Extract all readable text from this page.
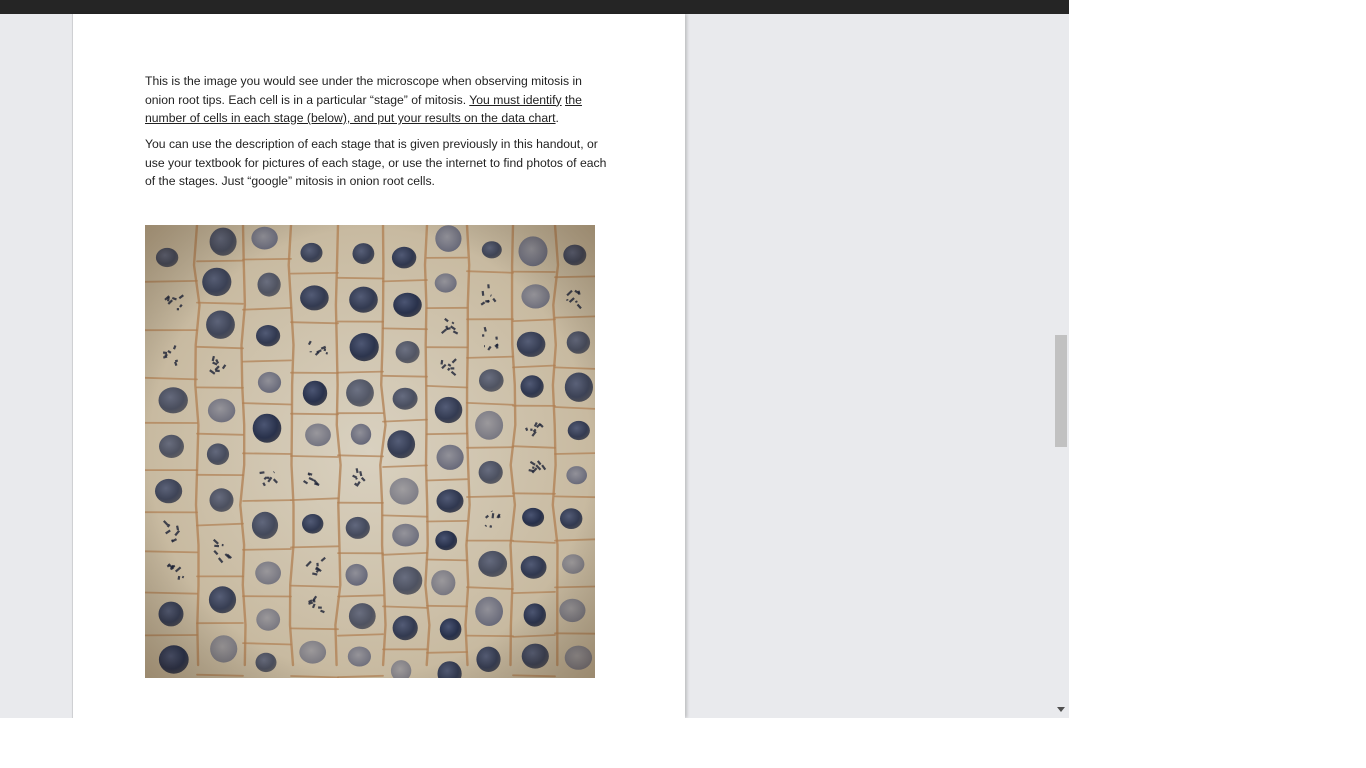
This is the image you would see under the microscope when observing mitosis in onion root tips. Each cell is in a particular “stage” of mitosis. You must identify the number of cells in each stage (below), and put your results on the data chart.

You can use the description of each stage that is given previously in this handout, or use your textbook for pictures of each stage, or use the internet to find photos of each of the stages. Just “google” mitosis in onion root cells.
